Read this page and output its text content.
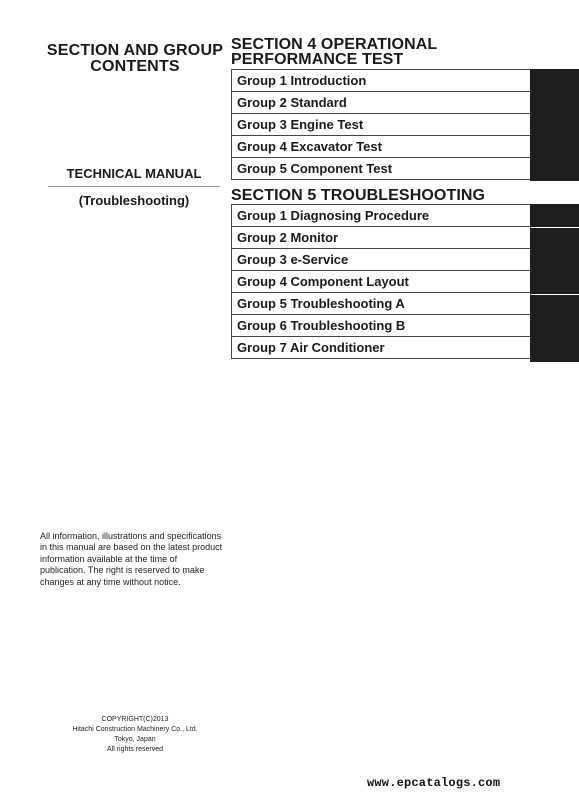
SECTION AND GROUP
CONTENTS
TECHNICAL MANUAL
(Troubleshooting)
SECTION 4 OPERATIONAL
PERFORMANCE TEST
Group 1 Introduction
Group 2 Standard
Group 3 Engine Test
Group 4 Excavator Test
Group 5 Component Test
SECTION 5 TROUBLESHOOTING
Group 1 Diagnosing Procedure
Group 2 Monitor
Group 3 e-Service
Group 4 Component Layout
Group 5 Troubleshooting A
Group 6 Troubleshooting B
Group 7 Air Conditioner
All information, illustrations and specifications in this manual are based on the latest product information available at the time of publication. The right is reserved to make changes at any time without notice.
COPYRIGHT(C)2013
Hitachi Construction Machinery Co., Ltd.
Tokyo, Japan
All rights reserved
www.epcatalogs.com
